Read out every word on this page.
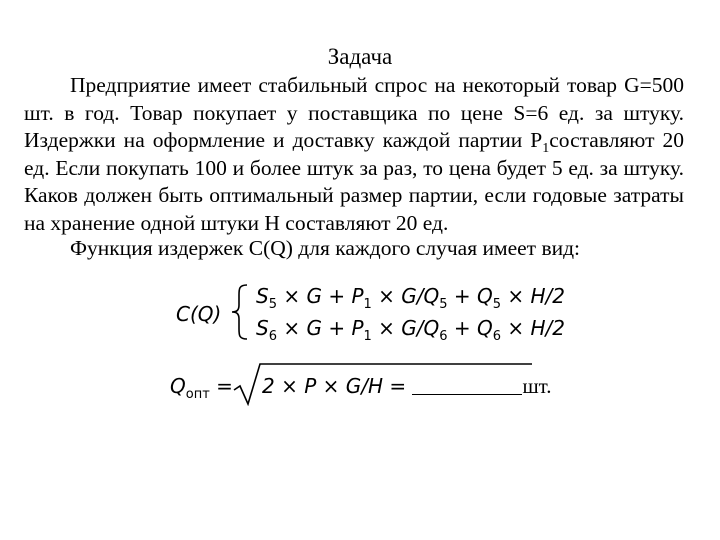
Задача
Предприятие имеет стабильный спрос на некоторый товар G=500 шт. в год. Товар покупает у поставщика по цене S=6 ед. за штуку. Издержки на оформление и доставку каждой партии $P_1составляют$ 20 ед. Если покупать 100 и более штук за раз, то цена будет 5 ед. за штуку. Каков должен быть оптимальный размер партии, если годовые затраты на хранение одной штуки H составляют 20 ед.
Функция издержек C(Q) для каждого случая имеет вид:
C(Q)
$S_5 \times G + P_1 \times G/Q_5 + Q_5 \times H/2$
$S_6 \times G + P_1 \times G/Q_6 + Q_6 \times H/2$
$Q_{опт} = 2 \times P \times G/H$ =	шт.
